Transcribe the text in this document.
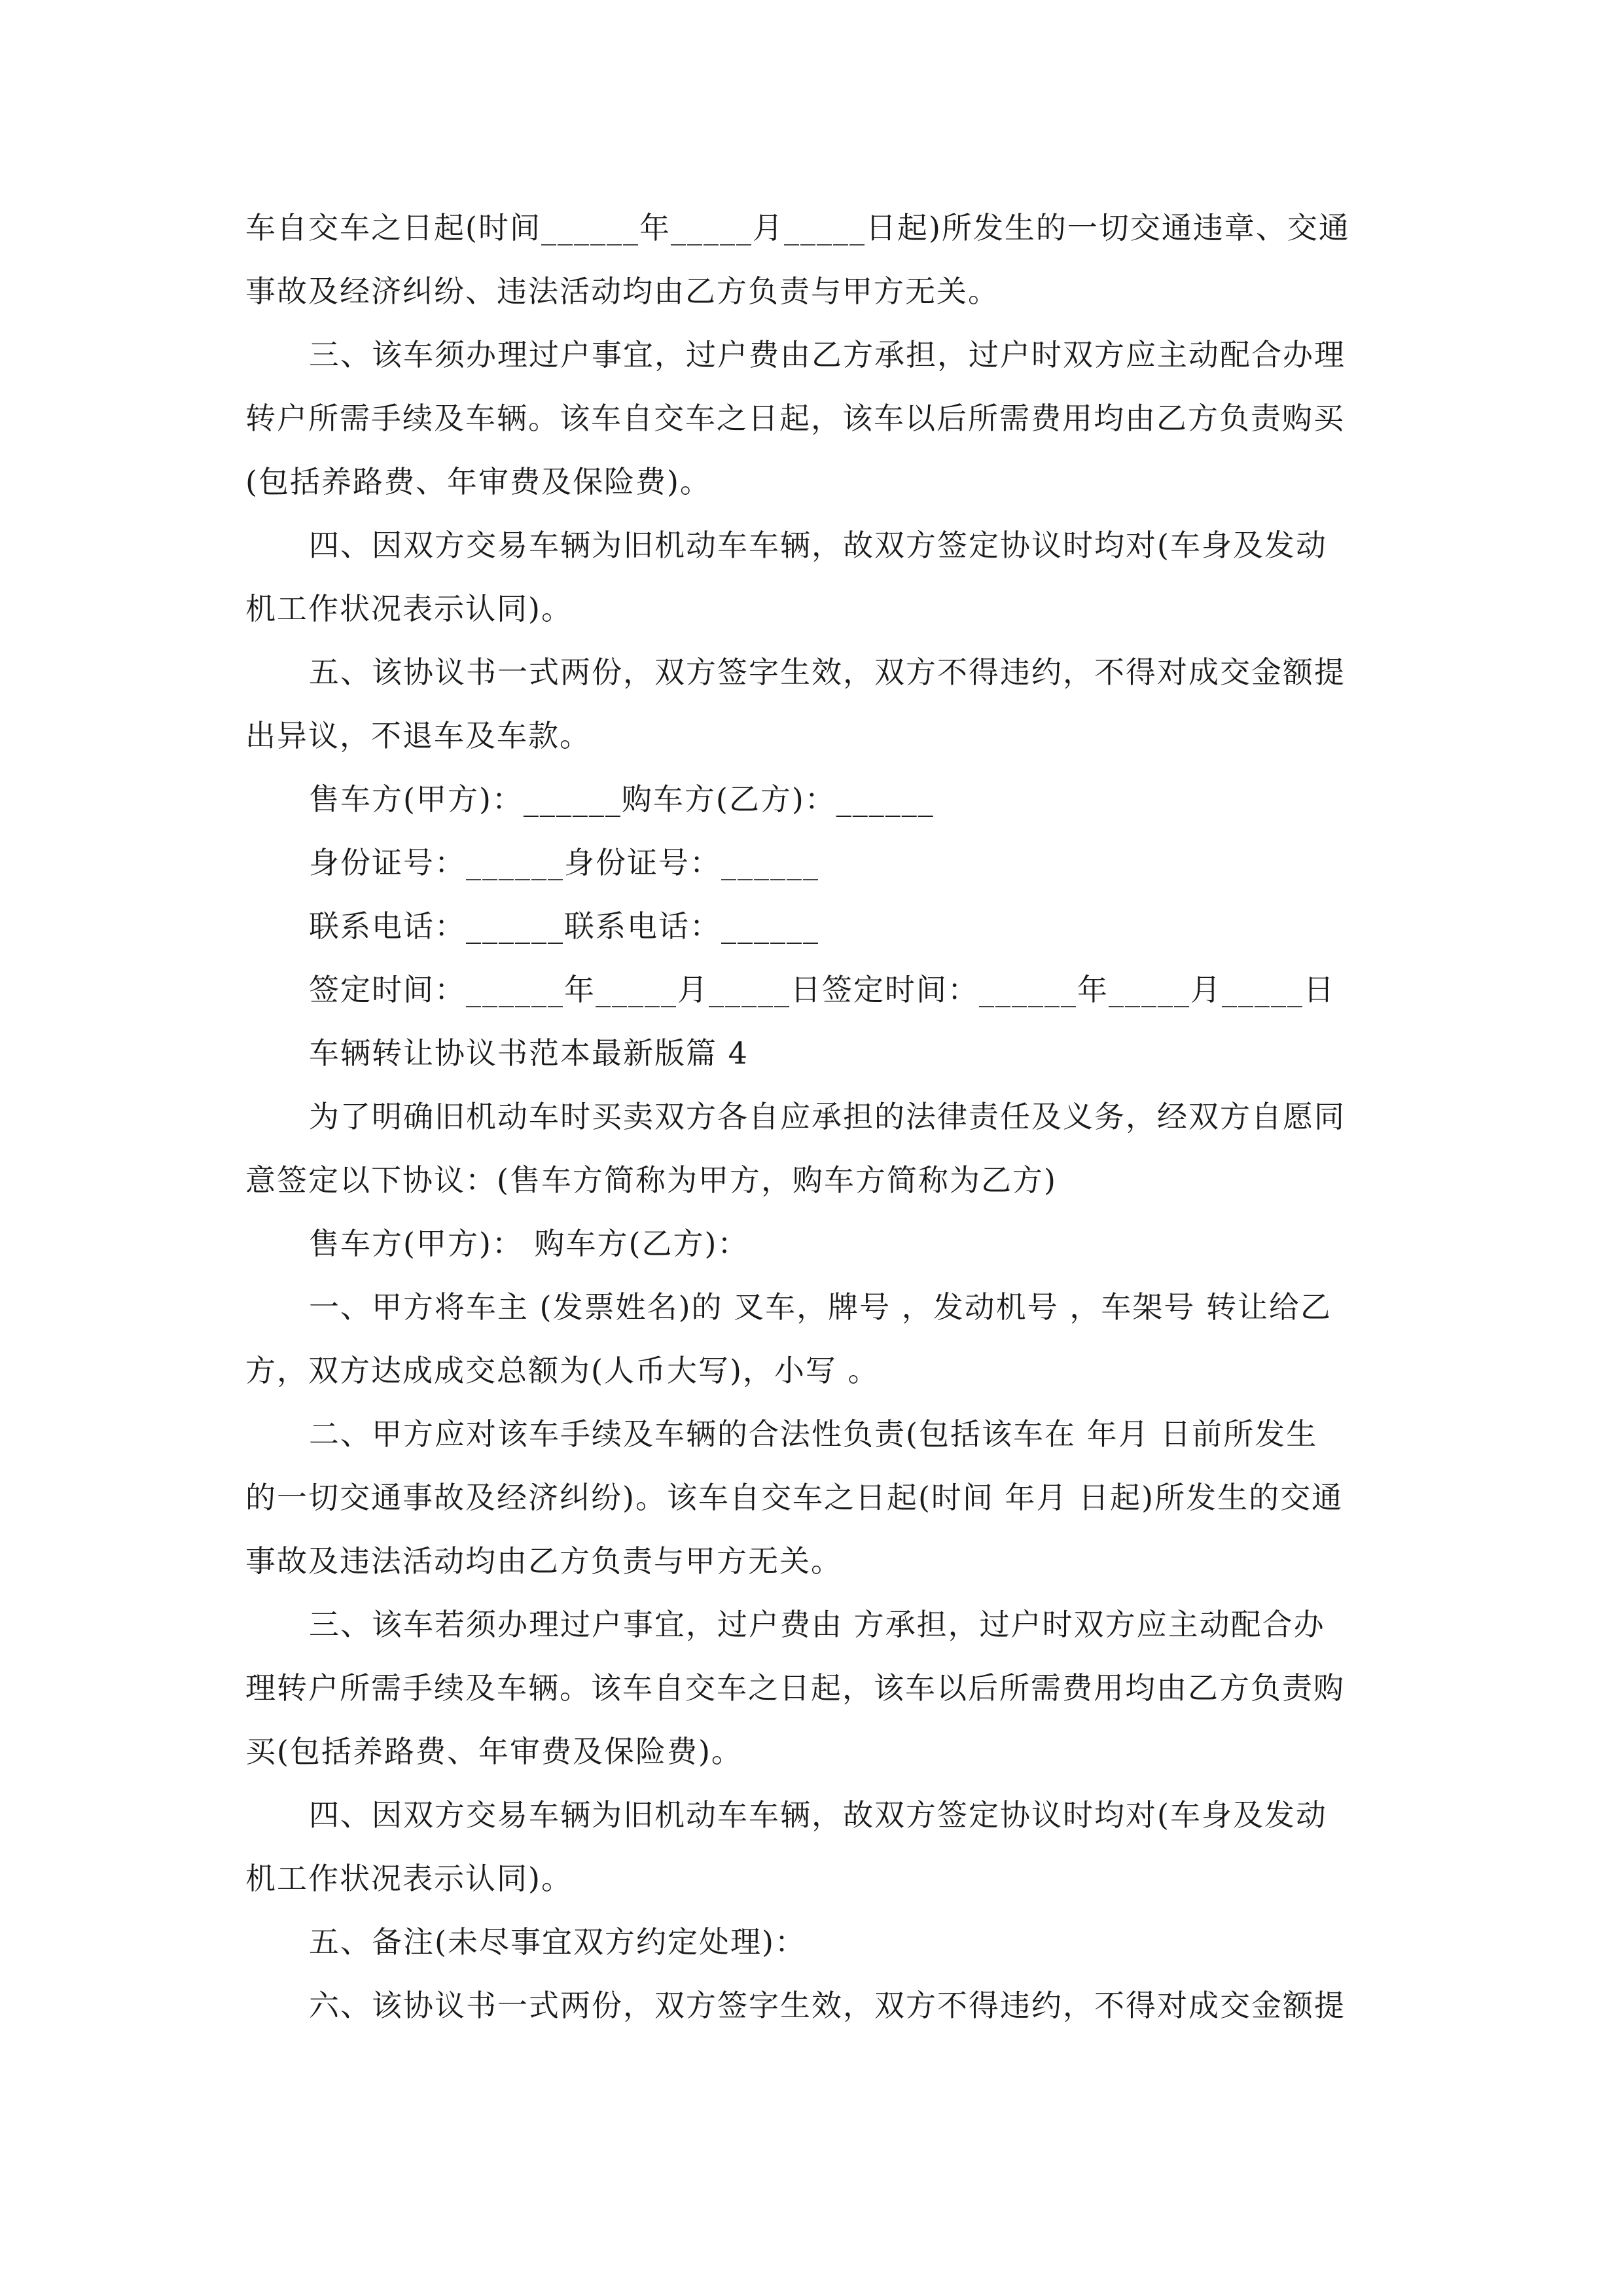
车自交车之日起(时间______年_____月_____日起)所发生的一切交通违章、交通
事故及经济纠纷、违法活动均由乙方负责与甲方无关。
三、该车须办理过户事宜，过户费由乙方承担，过户时双方应主动配合办理
转户所需手续及车辆。该车自交车之日起，该车以后所需费用均由乙方负责购买
(包括养路费、年审费及保险费)。
四、因双方交易车辆为旧机动车车辆，故双方签定协议时均对(车身及发动
机工作状况表示认同)。
五、该协议书一式两份，双方签字生效，双方不得违约，不得对成交金额提
出异议，不退车及车款。
售车方(甲方)：______购车方(乙方)：______
身份证号：______身份证号：______
联系电话：______联系电话：______
签定时间：______年_____月_____日签定时间：______年_____月_____日
车辆转让协议书范本最新版篇 4
为了明确旧机动车时买卖双方各自应承担的法律责任及义务，经双方自愿同
意签定以下协议：(售车方简称为甲方，购车方简称为乙方)
售车方(甲方)： 购车方(乙方)：
一、甲方将车主 (发票姓名)的 叉车，牌号 ，发动机号 ，车架号 转让给乙
方，双方达成成交总额为(人币大写)，小写 。
二、甲方应对该车手续及车辆的合法性负责(包括该车在 年月 日前所发生
的一切交通事故及经济纠纷)。该车自交车之日起(时间 年月 日起)所发生的交通
事故及违法活动均由乙方负责与甲方无关。
三、该车若须办理过户事宜，过户费由 方承担，过户时双方应主动配合办
理转户所需手续及车辆。该车自交车之日起，该车以后所需费用均由乙方负责购
买(包括养路费、年审费及保险费)。
四、因双方交易车辆为旧机动车车辆，故双方签定协议时均对(车身及发动
机工作状况表示认同)。
五、备注(未尽事宜双方约定处理)：
六、该协议书一式两份，双方签字生效，双方不得违约，不得对成交金额提
